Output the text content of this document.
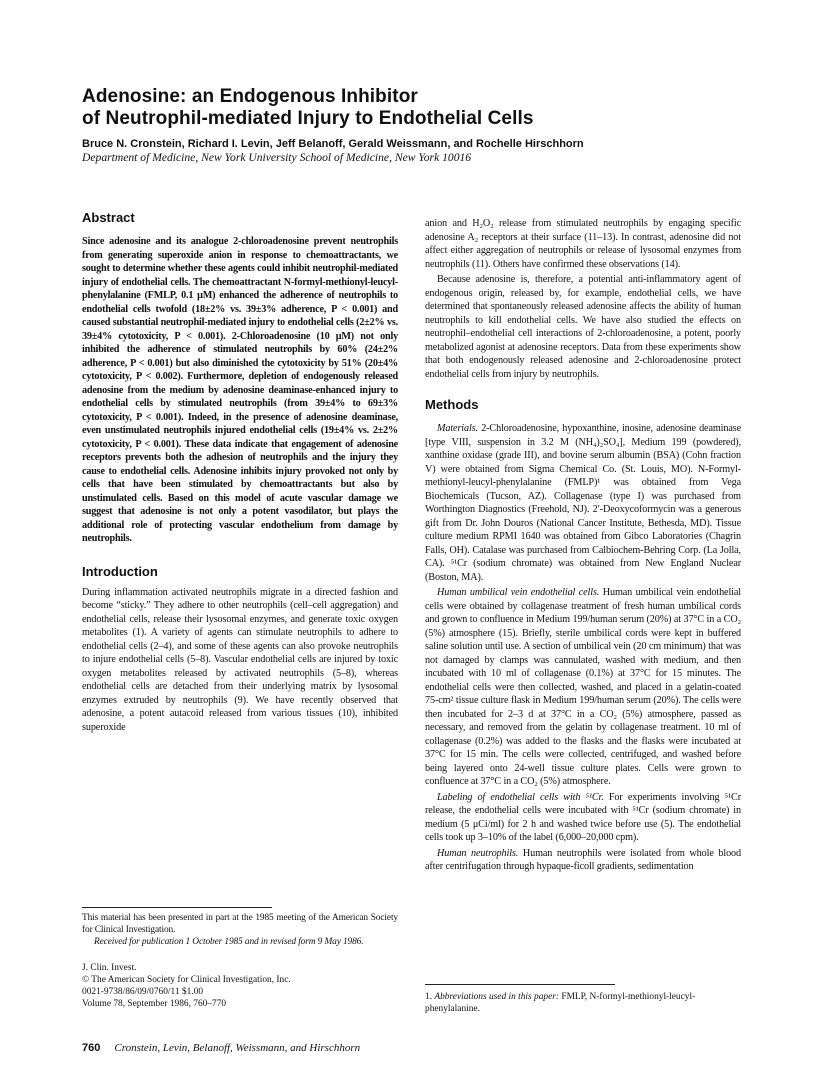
Adenosine: an Endogenous Inhibitor
of Neutrophil-mediated Injury to Endothelial Cells
Bruce N. Cronstein, Richard I. Levin, Jeff Belanoff, Gerald Weissmann, and Rochelle Hirschhorn
Department of Medicine, New York University School of Medicine, New York 10016
Abstract

Since adenosine and its analogue 2-chloroadenosine prevent neutrophils from generating superoxide anion in response to chemoattractants, we sought to determine whether these agents could inhibit neutrophil-mediated injury of endothelial cells. The chemoattractant N-formyl-methionyl-leucyl-phenylalanine (FMLP, 0.1 μM) enhanced the adherence of neutrophils to endothelial cells twofold (18±2% vs. 39±3% adherence, P < 0.001) and caused substantial neutrophil-mediated injury to endothelial cells (2±2% vs. 39±4% cytotoxicity, P < 0.001). 2-Chloroadenosine (10 μM) not only inhibited the adherence of stimulated neutrophils by 60% (24±2% adherence, P < 0.001) but also diminished the cytotoxicity by 51% (20±4% cytotoxicity, P < 0.002). Furthermore, depletion of endogenously released adenosine from the medium by adenosine deaminase-enhanced injury to endothelial cells by stimulated neutrophils (from 39±4% to 69±3% cytotoxicity, P < 0.001). Indeed, in the presence of adenosine deaminase, even unstimulated neutrophils injured endothelial cells (19±4% vs. 2±2% cytotoxicity, P < 0.001). These data indicate that engagement of adenosine receptors prevents both the adhesion of neutrophils and the injury they cause to endothelial cells. Adenosine inhibits injury provoked not only by cells that have been stimulated by chemoattractants but also by unstimulated cells. Based on this model of acute vascular damage we suggest that adenosine is not only a potent vasodilator, but plays the additional role of protecting vascular endothelium from damage by neutrophils.

Introduction

During inflammation activated neutrophils migrate in a directed fashion and become “sticky.” They adhere to other neutrophils (cell–cell aggregation) and endothelial cells, release their lysosomal enzymes, and generate toxic oxygen metabolites (1). A variety of agents can stimulate neutrophils to adhere to endothelial cells (2–4), and some of these agents can also provoke neutrophils to injure endothelial cells (5–8). Vascular endothelial cells are injured by toxic oxygen metabolites released by activated neutrophils (5–8), whereas endothelial cells are detached from their underlying matrix by lysosomal enzymes extruded by neutrophils (9). We have recently observed that adenosine, a potent autacoid released from various tissues (10), inhibited superoxide

This material has been presented in part at the 1985 meeting of the American Society for Clinical Investigation.

Received for publication 1 October 1985 and in revised form 9 May 1986.

J. Clin. Invest.
© The American Society for Clinical Investigation, Inc.
0021-9738/86/09/0760/11 $1.00
Volume 78, September 1986, 760–770

anion and H₂O₂ release from stimulated neutrophils by engaging specific adenosine A₂ receptors at their surface (11–13). In contrast, adenosine did not affect either aggregation of neutrophils or release of lysosomal enzymes from neutrophils (11). Others have confirmed these observations (14).

Because adenosine is, therefore, a potential anti-inflammatory agent of endogenous origin, released by, for example, endothelial cells, we have determined that spontaneously released adenosine affects the ability of human neutrophils to kill endothelial cells. We have also studied the effects on neutrophil–endothelial cell interactions of 2-chloroadenosine, a potent, poorly metabolized agonist at adenosine receptors. Data from these experiments show that both endogenously released adenosine and 2-chloroadenosine protect endothelial cells from injury by neutrophils.

Methods

Materials. 2-Chloroadenosine, hypoxanthine, inosine, adenosine deaminase [type VIII, suspension in 3.2 M (NH₄)₂SO₄], Medium 199 (powdered), xanthine oxidase (grade III), and bovine serum albumin (BSA) (Cohn fraction V) were obtained from Sigma Chemical Co. (St. Louis, MO). N-Formyl-methionyl-leucyl-phenylalanine (FMLP)¹ was obtained from Vega Biochemicals (Tucson, AZ). Collagenase (type I) was purchased from Worthington Diagnostics (Freehold, NJ). 2′-Deoxycoformycin was a generous gift from Dr. John Douros (National Cancer Institute, Bethesda, MD). Tissue culture medium RPMI 1640 was obtained from Gibco Laboratories (Chagrin Falls, OH). Catalase was purchased from Calbiochem-Behring Corp. (La Jolla, CA). ⁵¹Cr (sodium chromate) was obtained from New England Nuclear (Boston, MA).

Human umbilical vein endothelial cells. Human umbilical vein endothelial cells were obtained by collagenase treatment of fresh human umbilical cords and grown to confluence in Medium 199/human serum (20%) at 37°C in a CO₂ (5%) atmosphere (15). Briefly, sterile umbilical cords were kept in buffered saline solution until use. A section of umbilical vein (20 cm minimum) that was not damaged by clamps was cannulated, washed with medium, and then incubated with 10 ml of collagenase (0.1%) at 37°C for 15 minutes. The endothelial cells were then collected, washed, and placed in a gelatin-coated 75-cm² tissue culture flask in Medium 199/human serum (20%). The cells were then incubated for 2–3 d at 37°C in a CO₂ (5%) atmosphere, passed as necessary, and removed from the gelatin by collagenase treatment. 10 ml of collagenase (0.2%) was added to the flasks and the flasks were incubated at 37°C for 15 min. The cells were collected, centrifuged, and washed before being layered onto 24-well tissue culture plates. Cells were grown to confluence at 37°C in a CO₂ (5%) atmosphere.

Labeling of endothelial cells with ⁵¹Cr. For experiments involving ⁵¹Cr release, the endothelial cells were incubated with ⁵¹Cr (sodium chromate) in medium (5 μCi/ml) for 2 h and washed twice before use (5). The endothelial cells took up 3–10% of the label (6,000–20,000 cpm).

Human neutrophils. Human neutrophils were isolated from whole blood after centrifugation through hypaque-ficoll gradients, sedimentation

1. Abbreviations used in this paper: FMLP, N-formyl-methionyl-leucyl-phenylalanine.
760 Cronstein, Levin, Belanoff, Weissmann, and Hirschhorn
